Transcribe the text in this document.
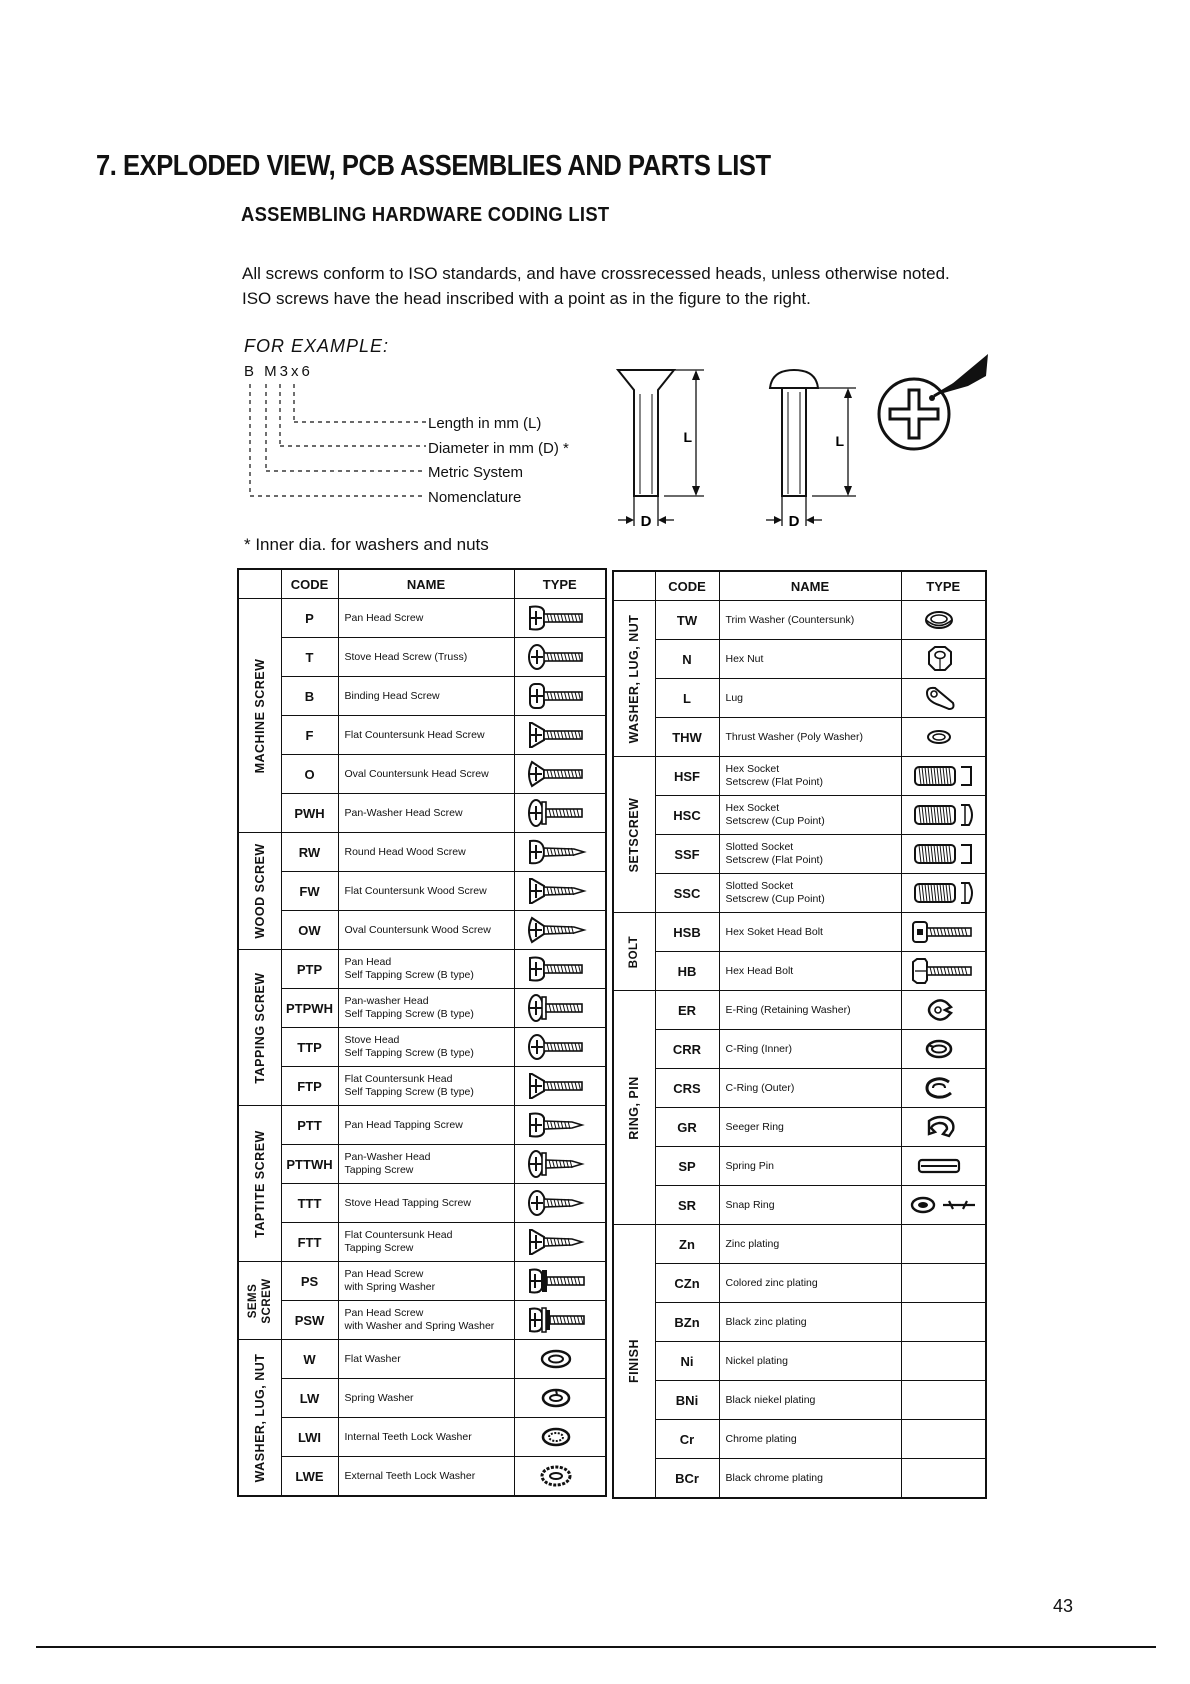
7. EXPLODED VIEW, PCB ASSEMBLIES AND PARTS LIST
ASSEMBLING HARDWARE CODING LIST
All screws conform to ISO standards, and have crossrecessed heads, unless otherwise noted.
ISO screws have the head inscribed with a point as in the figure to the right.
FOR EXAMPLE:
B M3x6
Length in mm (L)
Diameter in mm (D) *
Metric System
Nomenclature
L
D
L
D
* Inner dia. for washers and nuts
	CODE	NAME	TYPE

MACHINE SCREW	P	Pan Head Screw

	T	Stove Head Screw (Truss)

	B	Binding Head Screw

	F	Flat Countersunk Head Screw

	O	Oval Countersunk Head Screw

	PWH	Pan-Washer Head Screw

WOOD SCREW	RW	Round Head Wood Screw

	FW	Flat Countersunk Wood Screw

	OW	Oval Countersunk Wood Screw

TAPPING SCREW	PTP	Pan Head
Self Tapping Screw (B type)

	PTPWH	Pan-washer Head
Self Tapping Screw (B type)

	TTP	Stove Head
Self Tapping Screw (B type)

	FTP	Flat Countersunk Head
Self Tapping Screw (B type)

TAPTITE SCREW	PTT	Pan Head Tapping Screw

	PTTWH	Pan-Washer Head
Tapping Screw

	TTT	Stove Head Tapping Screw

	FTT	Flat Countersunk Head
Tapping Screw

SEMS SCREW	PS	Pan Head Screw
with Spring Washer

	PSW	Pan Head Screw
with Washer and Spring Washer

WASHER, LUG, NUT	W	Flat Washer

	LW	Spring Washer

	LWI	Internal Teeth Lock Washer

	LWE	External Teeth Lock Washer

	CODE	NAME	TYPE

WASHER, LUG, NUT	TW	Trim Washer (Countersunk)

	N	Hex Nut

	L	Lug

	THW	Thrust Washer (Poly Washer)

SETSCREW	HSF	Hex Socket
Setscrew (Flat Point)

	HSC	Hex Socket
Setscrew (Cup Point)

	SSF	Slotted Socket
Setscrew (Flat Point)

	SSC	Slotted Socket
Setscrew (Cup Point)

BOLT	HSB	Hex Soket Head Bolt

	HB	Hex Head Bolt

RING, PIN	ER	E-Ring (Retaining Washer)

	CRR	C-Ring (Inner)

	CRS	C-Ring (Outer)

	GR	Seeger Ring

	SP	Spring Pin

	SR	Snap Ring

FINISH	Zn	Zinc plating	

	CZn	Colored zinc plating	

	BZn	Black zinc plating	

	Ni	Nickel plating	

	BNi	Black niekel plating	

	Cr	Chrome plating	

	BCr	Black chrome plating	

43
